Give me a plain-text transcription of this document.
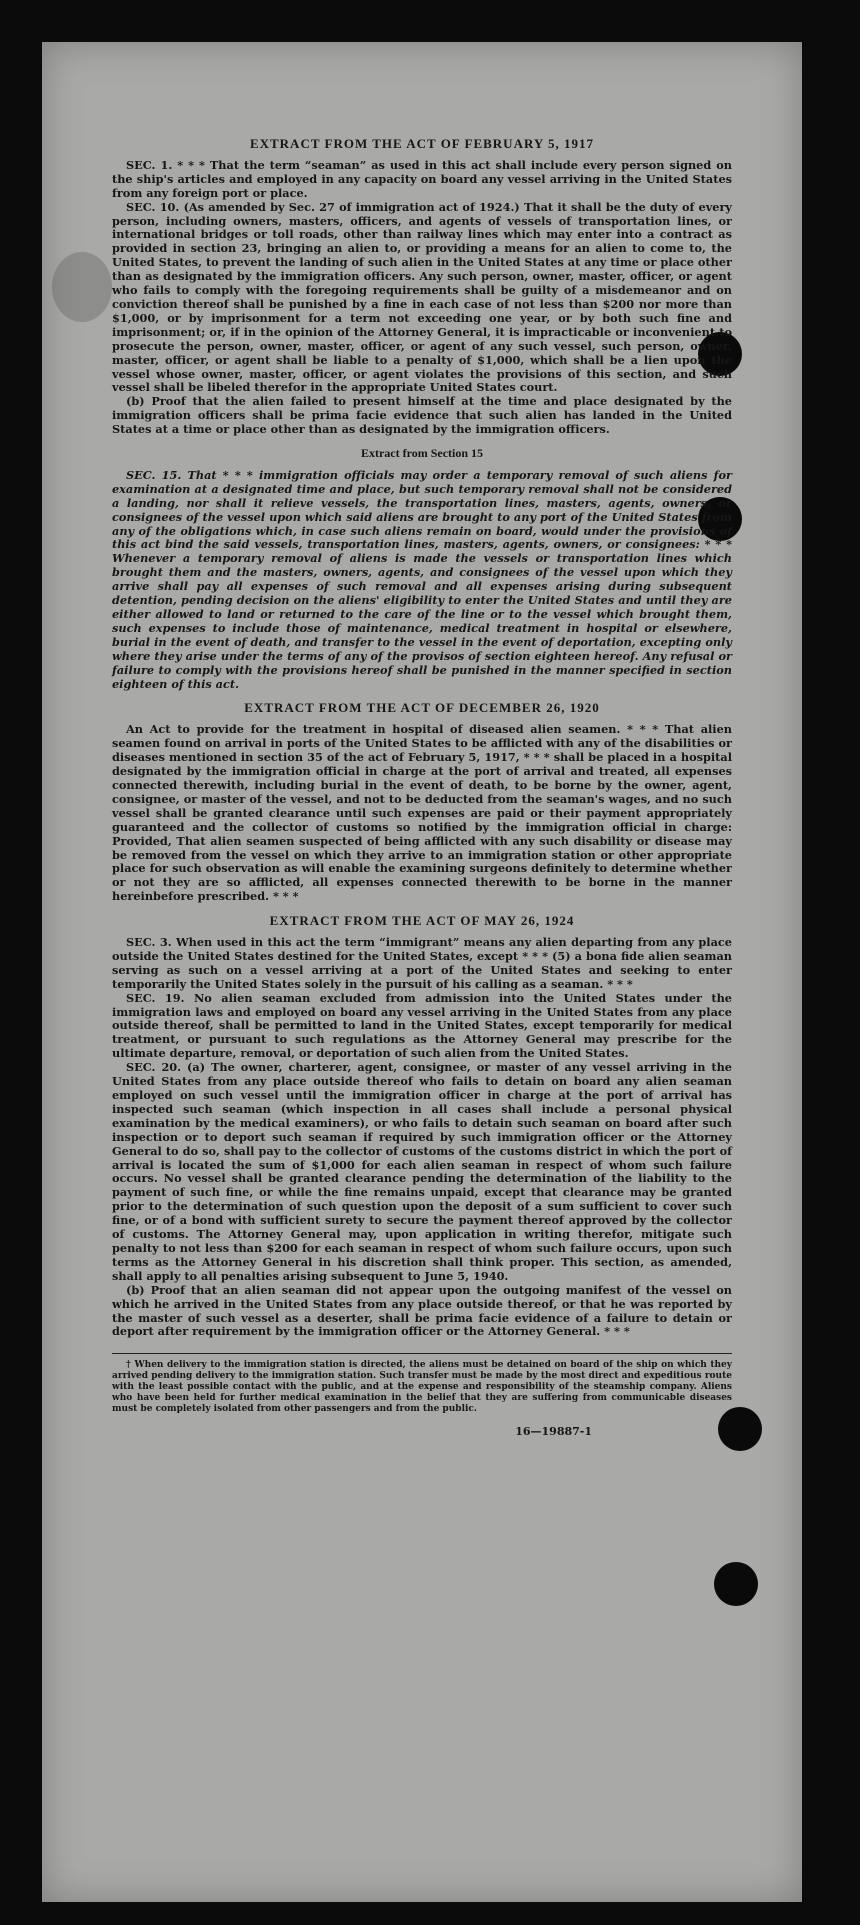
EXTRACT FROM THE ACT OF FEBRUARY 5, 1917

SEC. 1. * * * That the term “seaman” as used in this act shall include every person signed on the ship's articles and employed in any capacity on board any vessel arriving in the United States from any foreign port or place.

SEC. 10. (As amended by Sec. 27 of immigration act of 1924.) That it shall be the duty of every person, including owners, masters, officers, and agents of vessels of transportation lines, or international bridges or toll roads, other than railway lines which may enter into a contract as provided in section 23, bringing an alien to, or providing a means for an alien to come to, the United States, to prevent the landing of such alien in the United States at any time or place other than as designated by the immigration officers. Any such person, owner, master, officer, or agent who fails to comply with the foregoing requirements shall be guilty of a misdemeanor and on conviction thereof shall be punished by a fine in each case of not less than $200 nor more than $1,000, or by imprisonment for a term not exceeding one year, or by both such fine and imprisonment; or, if in the opinion of the Attorney General, it is impracticable or inconvenient to prosecute the person, owner, master, officer, or agent of any such vessel, such person, owner, master, officer, or agent shall be liable to a penalty of $1,000, which shall be a lien upon the vessel whose owner, master, officer, or agent violates the provisions of this section, and such vessel shall be libeled therefor in the appropriate United States court.

(b) Proof that the alien failed to present himself at the time and place designated by the immigration officers shall be prima facie evidence that such alien has landed in the United States at a time or place other than as designated by the immigration officers.

Extract from Section 15

SEC. 15. That * * * immigration officials may order a temporary removal of such aliens for examination at a designated time and place, but such temporary removal shall not be considered a landing, nor shall it relieve vessels, the transportation lines, masters, agents, owners, or consignees of the vessel upon which said aliens are brought to any port of the United States from any of the obligations which, in case such aliens remain on board, would under the provisions of this act bind the said vessels, transportation lines, masters, agents, owners, or consignees: * * * Whenever a temporary removal of aliens is made the vessels or transportation lines which brought them and the masters, owners, agents, and consignees of the vessel upon which they arrive shall pay all expenses of such removal and all expenses arising during subsequent detention, pending decision on the aliens' eligibility to enter the United States and until they are either allowed to land or returned to the care of the line or to the vessel which brought them, such expenses to include those of maintenance, medical treatment in hospital or elsewhere, burial in the event of death, and transfer to the vessel in the event of deportation, excepting only where they arise under the terms of any of the provisos of section eighteen hereof. Any refusal or failure to comply with the provisions hereof shall be punished in the manner specified in section eighteen of this act.

EXTRACT FROM THE ACT OF DECEMBER 26, 1920

An Act to provide for the treatment in hospital of diseased alien seamen. * * * That alien seamen found on arrival in ports of the United States to be afflicted with any of the disabilities or diseases mentioned in section 35 of the act of February 5, 1917, * * * shall be placed in a hospital designated by the immigration official in charge at the port of arrival and treated, all expenses connected therewith, including burial in the event of death, to be borne by the owner, agent, consignee, or master of the vessel, and not to be deducted from the seaman's wages, and no such vessel shall be granted clearance until such expenses are paid or their payment appropriately guaranteed and the collector of customs so notified by the immigration official in charge: Provided, That alien seamen suspected of being afflicted with any such disability or disease may be removed from the vessel on which they arrive to an immigration station or other appropriate place for such observation as will enable the examining surgeons definitely to determine whether or not they are so afflicted, all expenses connected therewith to be borne in the manner hereinbefore prescribed. * * *

EXTRACT FROM THE ACT OF MAY 26, 1924

SEC. 3. When used in this act the term “immigrant” means any alien departing from any place outside the United States destined for the United States, except * * * (5) a bona fide alien seaman serving as such on a vessel arriving at a port of the United States and seeking to enter temporarily the United States solely in the pursuit of his calling as a seaman. * * *

SEC. 19. No alien seaman excluded from admission into the United States under the immigration laws and employed on board any vessel arriving in the United States from any place outside thereof, shall be permitted to land in the United States, except temporarily for medical treatment, or pursuant to such regulations as the Attorney General may prescribe for the ultimate departure, removal, or deportation of such alien from the United States.

SEC. 20. (a) The owner, charterer, agent, consignee, or master of any vessel arriving in the United States from any place outside thereof who fails to detain on board any alien seaman employed on such vessel until the immigration officer in charge at the port of arrival has inspected such seaman (which inspection in all cases shall include a personal physical examination by the medical examiners), or who fails to detain such seaman on board after such inspection or to deport such seaman if required by such immigration officer or the Attorney General to do so, shall pay to the collector of customs of the customs district in which the port of arrival is located the sum of $1,000 for each alien seaman in respect of whom such failure occurs. No vessel shall be granted clearance pending the determination of the liability to the payment of such fine, or while the fine remains unpaid, except that clearance may be granted prior to the determination of such question upon the deposit of a sum sufficient to cover such fine, or of a bond with sufficient surety to secure the payment thereof approved by the collector of customs. The Attorney General may, upon application in writing therefor, mitigate such penalty to not less than $200 for each seaman in respect of whom such failure occurs, upon such terms as the Attorney General in his discretion shall think proper. This section, as amended, shall apply to all penalties arising subsequent to June 5, 1940.

(b) Proof that an alien seaman did not appear upon the outgoing manifest of the vessel on which he arrived in the United States from any place outside thereof, or that he was reported by the master of such vessel as a deserter, shall be prima facie evidence of a failure to detain or deport after requirement by the immigration officer or the Attorney General. * * *

† When delivery to the immigration station is directed, the aliens must be detained on board of the ship on which they arrived pending delivery to the immigration station. Such transfer must be made by the most direct and expeditious route with the least possible contact with the public, and at the expense and responsibility of the steamship company. Aliens who have been held for further medical examination in the belief that they are suffering from communicable diseases must be completely isolated from other passengers and from the public.
16—19887-1
